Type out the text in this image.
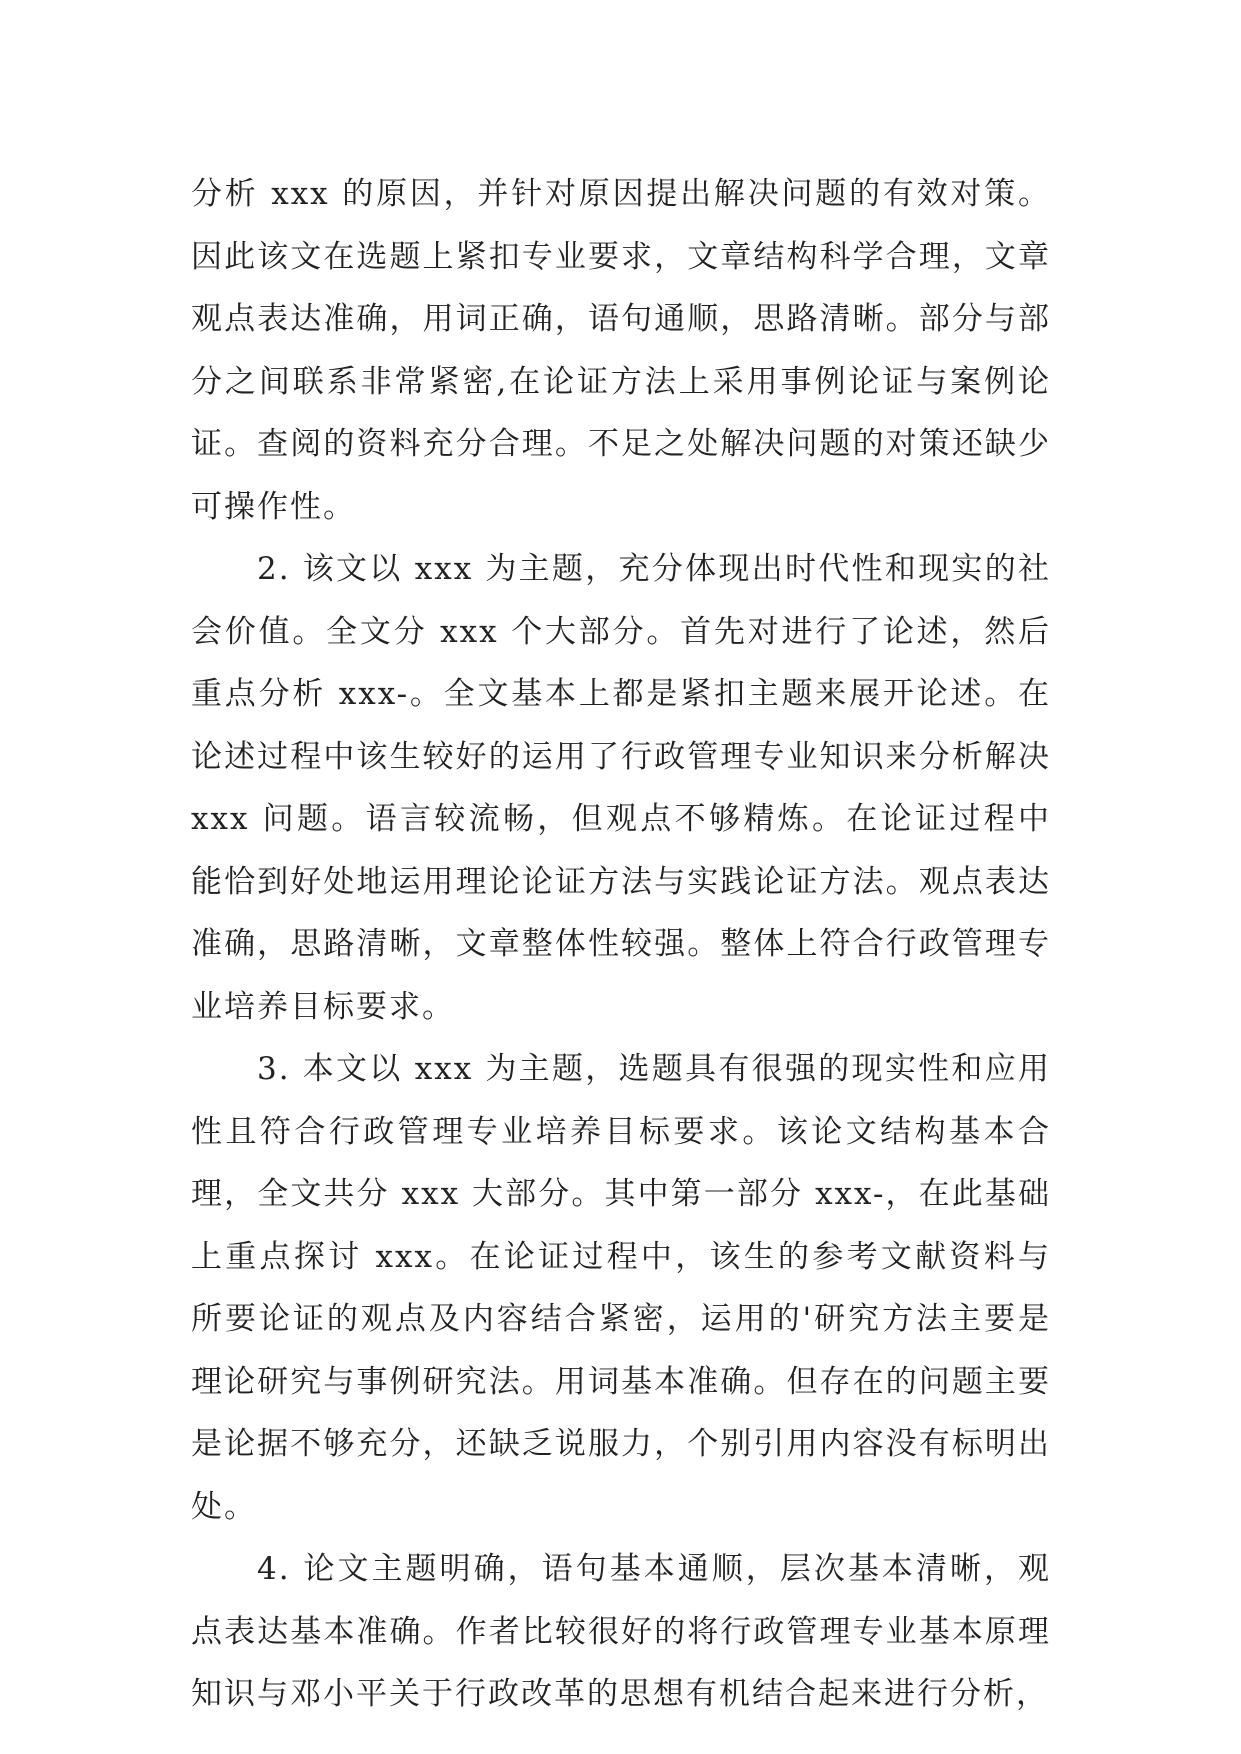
分析 xxx 的原因，并针对原因提出解决问题的有效对策。因此该文在选题上紧扣专业要求，文章结构科学合理，文章观点表达准确，用词正确，语句通顺，思路清晰。部分与部分之间联系非常紧密,在论证方法上采用事例论证与案例论证。查阅的资料充分合理。不足之处解决问题的对策还缺少可操作性。

2. 该文以 xxx 为主题，充分体现出时代性和现实的社会价值。全文分 xxx 个大部分。首先对进行了论述，然后重点分析 xxx-。全文基本上都是紧扣主题来展开论述。在论述过程中该生较好的运用了行政管理专业知识来分析解决 xxx 问题。语言较流畅，但观点不够精炼。在论证过程中能恰到好处地运用理论论证方法与实践论证方法。观点表达准确，思路清晰，文章整体性较强。整体上符合行政管理专业培养目标要求。

3. 本文以 xxx 为主题，选题具有很强的现实性和应用性且符合行政管理专业培养目标要求。该论文结构基本合理，全文共分 xxx 大部分。其中第一部分 xxx-，在此基础上重点探讨 xxx。在论证过程中，该生的参考文献资料与所要论证的观点及内容结合紧密，运用的'研究方法主要是理论研究与事例研究法。用词基本准确。但存在的问题主要是论据不够充分，还缺乏说服力，个别引用内容没有标明出处。

4. 论文主题明确，语句基本通顺，层次基本清晰，观点表达基本准确。作者比较很好的将行政管理专业基本原理知识与邓小平关于行政改革的思想有机结合起来进行分析，
